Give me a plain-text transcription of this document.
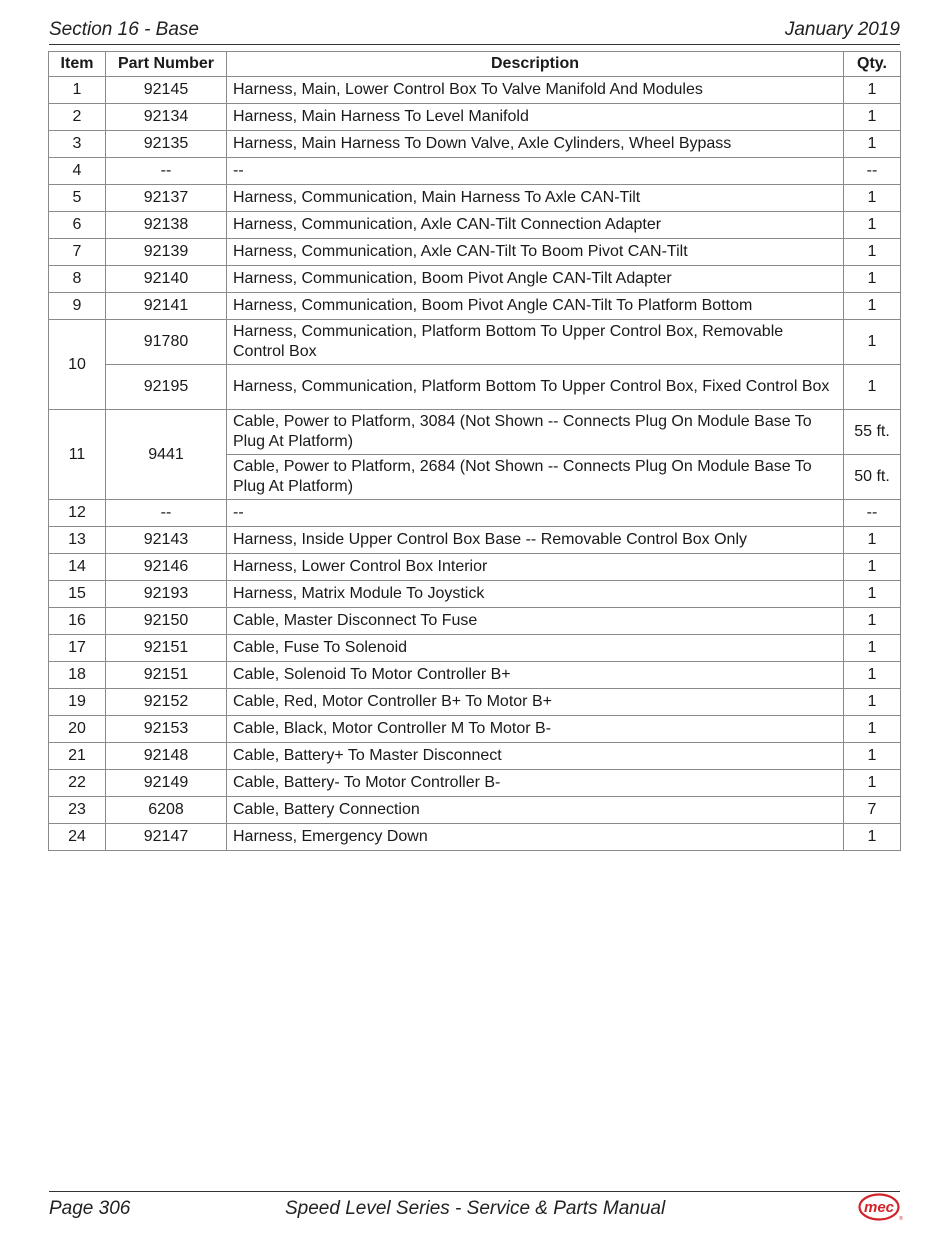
Section 16 - Base	January 2019
Item	Part Number	Description	Qty.
1	92145	Harness, Main, Lower Control Box To Valve Manifold And Modules	1
2	92134	Harness, Main Harness To Level Manifold	1
3	92135	Harness, Main Harness To Down Valve, Axle Cylinders, Wheel Bypass	1
4	--	--	--
5	92137	Harness, Communication, Main Harness To Axle CAN-Tilt	1
6	92138	Harness, Communication, Axle CAN-Tilt Connection Adapter	1
7	92139	Harness, Communication, Axle CAN-Tilt To Boom Pivot CAN-Tilt	1
8	92140	Harness, Communication, Boom Pivot Angle CAN-Tilt Adapter	1
9	92141	Harness, Communication, Boom Pivot Angle CAN-Tilt To Platform Bottom	1
10	91780	Harness, Communication, Platform Bottom To Upper Control Box, Removable Control Box	1
	92195	Harness, Communication, Platform Bottom To Upper Control Box, Fixed Control Box	1
11	9441	Cable, Power to Platform, 3084 (Not Shown -- Connects Plug On Module Base To Plug At Platform)	55 ft.
		Cable, Power to Platform, 2684 (Not Shown -- Connects Plug On Module Base To Plug At Platform)	50 ft.
12	--	--	--
13	92143	Harness, Inside Upper Control Box Base -- Removable Control Box Only	1
14	92146	Harness, Lower Control Box Interior	1
15	92193	Harness, Matrix Module To Joystick	1
16	92150	Cable, Master Disconnect To Fuse	1
17	92151	Cable, Fuse To Solenoid	1
18	92151	Cable, Solenoid To Motor Controller B+	1
19	92152	Cable, Red, Motor Controller B+ To Motor B+	1
20	92153	Cable, Black, Motor Controller M To Motor B-	1
21	92148	Cable, Battery+ To Master Disconnect	1
22	92149	Cable, Battery- To Motor Controller B-	1
23	6208	Cable, Battery Connection	7
24	92147	Harness, Emergency Down	1
Page 306	Speed Level Series - Service & Parts Manual	mec
®
